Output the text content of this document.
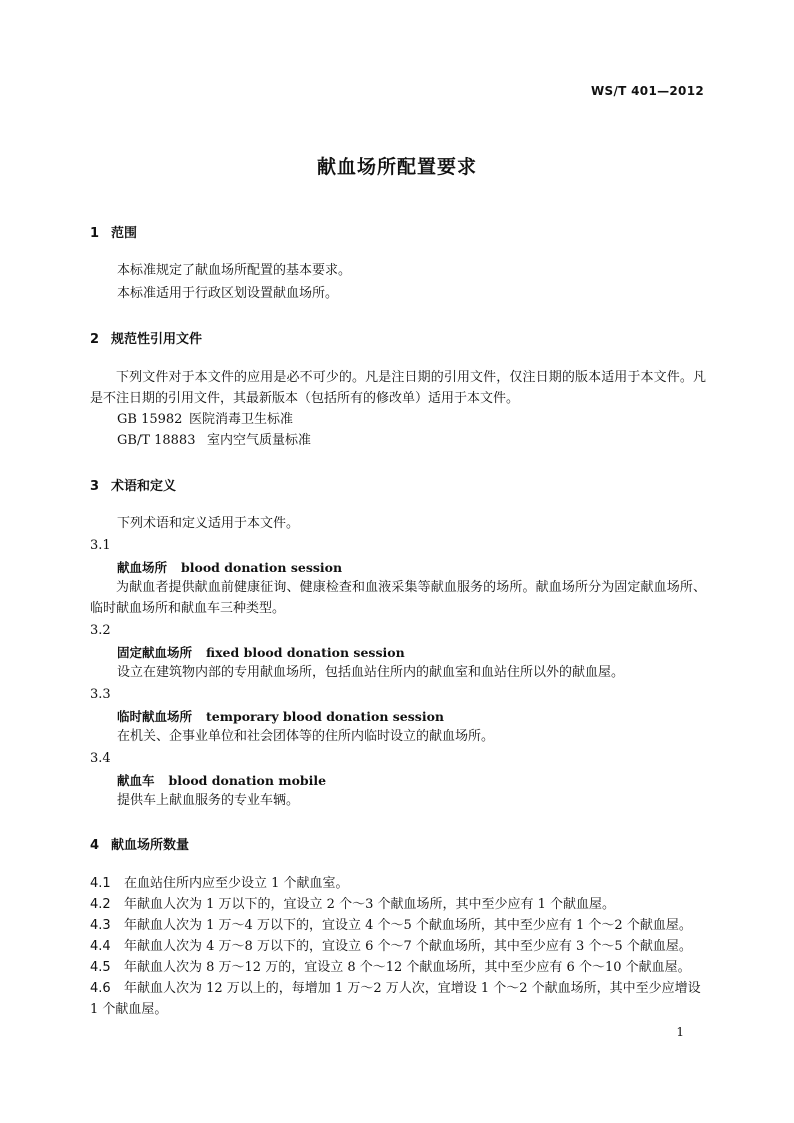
WS/T 401—2012
献血场所配置要求
1 范围
本标准规定了献血场所配置的基本要求。
本标准适用于行政区划设置献血场所。
2 规范性引用文件
下列文件对于本文件的应用是必不可少的。凡是注日期的引用文件，仅注日期的版本适用于本文件。凡是不注日期的引用文件，其最新版本（包括所有的修改单）适用于本文件。
GB 15982 医院消毒卫生标准
GB/T 18883 室内空气质量标准
3 术语和定义
下列术语和定义适用于本文件。
3.1
献血场所 blood donation session
为献血者提供献血前健康征询、健康检查和血液采集等献血服务的场所。献血场所分为固定献血场所、临时献血场所和献血车三种类型。
3.2
固定献血场所 fixed blood donation session
设立在建筑物内部的专用献血场所，包括血站住所内的献血室和血站住所以外的献血屋。
3.3
临时献血场所 temporary blood donation session
在机关、企事业单位和社会团体等的住所内临时设立的献血场所。
3.4
献血车 blood donation mobile
提供车上献血服务的专业车辆。
4 献血场所数量
4.1 在血站住所内应至少设立 1 个献血室。
4.2 年献血人次为 1 万以下的，宜设立 2 个～3 个献血场所，其中至少应有 1 个献血屋。
4.3 年献血人次为 1 万～4 万以下的，宜设立 4 个～5 个献血场所，其中至少应有 1 个～2 个献血屋。
4.4 年献血人次为 4 万～8 万以下的，宜设立 6 个～7 个献血场所，其中至少应有 3 个～5 个献血屋。
4.5 年献血人次为 8 万～12 万的，宜设立 8 个～12 个献血场所，其中至少应有 6 个～10 个献血屋。
4.6 年献血人次为 12 万以上的，每增加 1 万～2 万人次，宜增设 1 个～2 个献血场所，其中至少应增设 1 个献血屋。
1
